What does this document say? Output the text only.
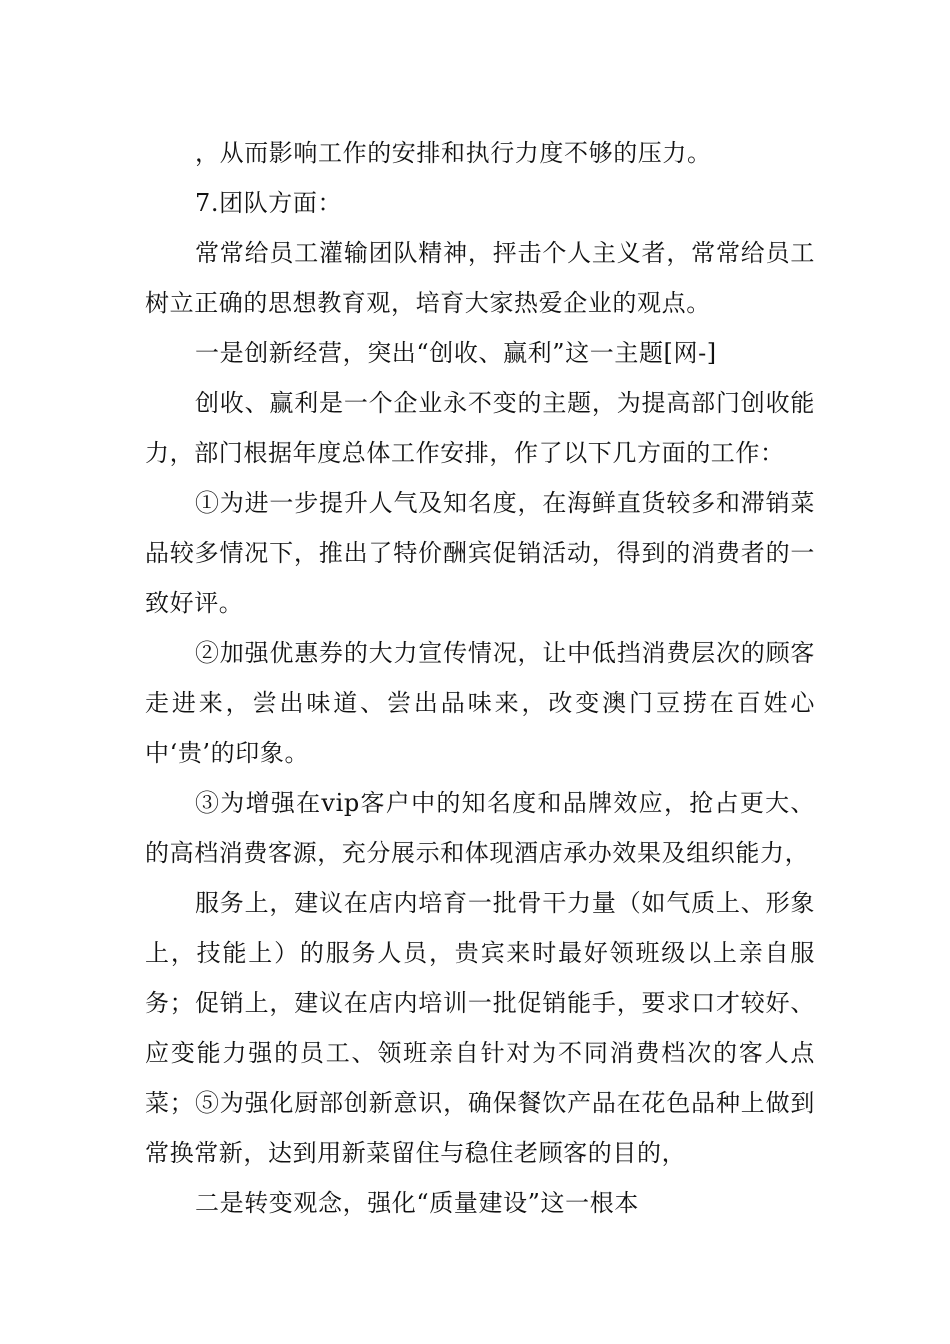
，从而影响工作的安排和执行力度不够的压力。

7.团队方面：

常常给员工灌输团队精神，抨击个人主义者，常常给员工树立正确的思想教育观，培育大家热爱企业的观点。

一是创新经营，突出“创收、赢利”这一主题[网-]

创收、赢利是一个企业永不变的主题，为提高部门创收能力，部门根据年度总体工作安排，作了以下几方面的工作：

①为进一步提升人气及知名度，在海鲜直货较多和滞销菜品较多情况下，推出了特价酬宾促销活动，得到的消费者的一致好评。

②加强优惠券的大力宣传情况，让中低挡消费层次的顾客走进来，尝出味道、尝出品味来，改变澳门豆捞在百姓心中‘贵’的印象。

③为增强在vip客户中的知名度和品牌效应，抢占更大、的高档消费客源，充分展示和体现酒店承办效果及组织能力，

服务上，建议在店内培育一批骨干力量（如气质上、形象上，技能上）的服务人员，贵宾来时最好领班级以上亲自服务； 促销上，建议在店内培训一批促销能手，要求口才较好、应变能力强的员工、领班亲自针对为不同消费档次的客人点菜； ⑤为强化厨部创新意识，确保餐饮产品在花色品种上做到常换常新，达到用新菜留住与稳住老顾客的目的，

二是转变观念，强化“质量建设”这一根本
